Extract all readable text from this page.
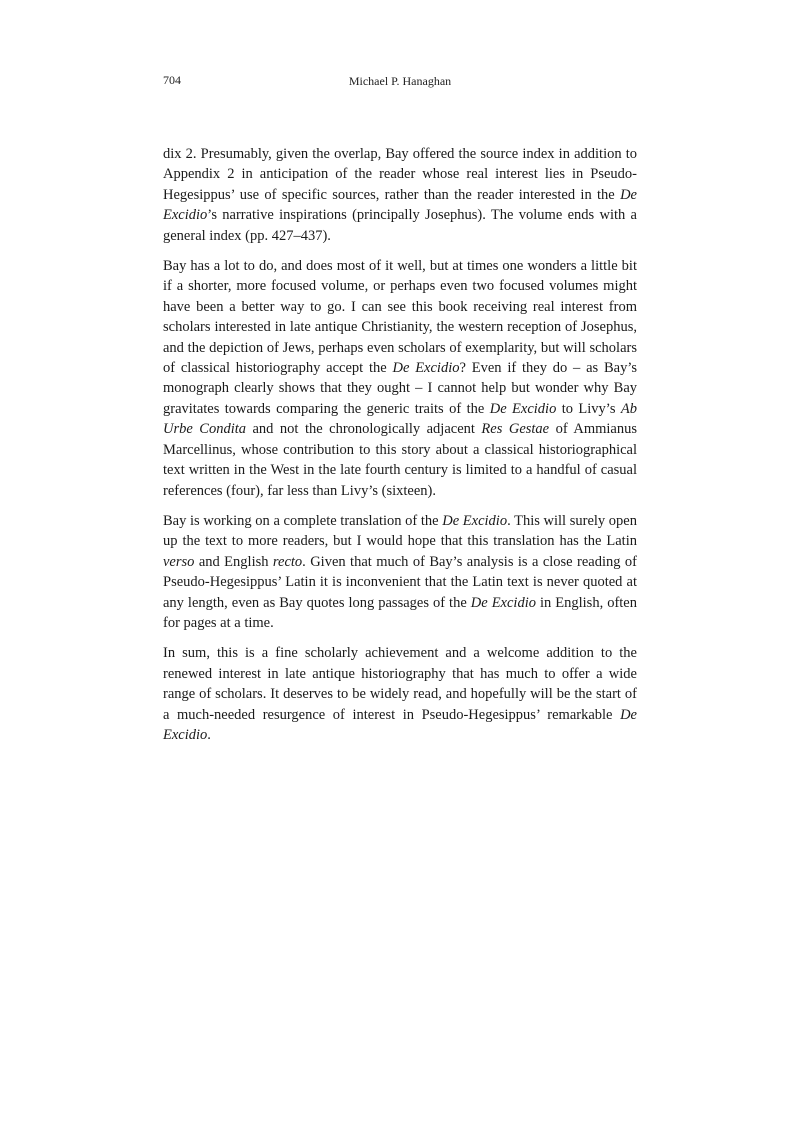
704	Michael P. Hanaghan

dix 2. Presumably, given the overlap, Bay offered the source index in addition to Appendix 2 in anticipation of the reader whose real interest lies in Pseudo-Hegesippus’ use of specific sources, rather than the reader interested in the De Excidio’s narrative inspirations (principally Josephus). The volume ends with a general index (pp. 427–437).

Bay has a lot to do, and does most of it well, but at times one wonders a little bit if a shorter, more focused volume, or perhaps even two focused volumes might have been a better way to go. I can see this book receiving real interest from scholars interested in late antique Christianity, the western reception of Josephus, and the depiction of Jews, perhaps even scholars of exemplarity, but will scholars of classical historiography accept the De Excidio? Even if they do – as Bay’s monograph clearly shows that they ought – I cannot help but wonder why Bay gravitates towards comparing the generic traits of the De Excidio to Livy’s Ab Urbe Condita and not the chronologically adjacent Res Gestae of Ammianus Marcellinus, whose contribution to this story about a classical historiographical text written in the West in the late fourth century is limited to a handful of casual references (four), far less than Livy’s (sixteen).

Bay is working on a complete translation of the De Excidio. This will surely open up the text to more readers, but I would hope that this translation has the Latin verso and English recto. Given that much of Bay’s analysis is a close reading of Pseudo-Hegesippus’ Latin it is inconvenient that the Latin text is never quoted at any length, even as Bay quotes long passages of the De Excidio in English, often for pages at a time.

In sum, this is a fine scholarly achievement and a welcome addition to the renewed interest in late antique historiography that has much to offer a wide range of scholars. It deserves to be widely read, and hopefully will be the start of a much-needed resurgence of interest in Pseudo-Hegesippus’ remarkable De Excidio.
